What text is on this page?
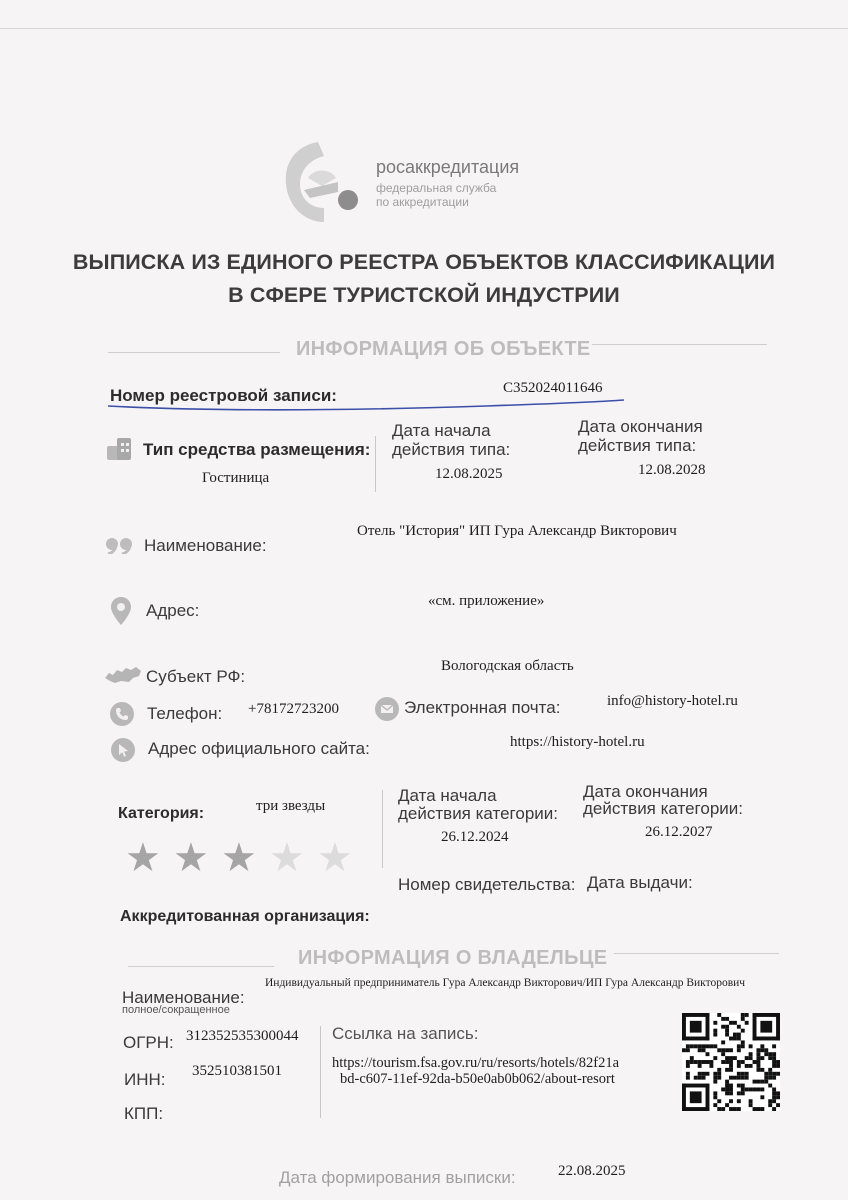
росаккредитация
федеральная служба
по аккредитации
ВЫПИСКА ИЗ ЕДИНОГО РЕЕСТРА ОБЪЕКТОВ КЛАССИФИКАЦИИ
В СФЕРЕ ТУРИСТСКОЙ ИНДУСТРИИ
ИНФОРМАЦИЯ ОБ ОБЪЕКТЕ
Номер реестровой записи:	С352024011646
Тип средства размещения:
Гостиница
Дата начала
действия типа:
12.08.2025
Дата окончания
действия типа:
12.08.2028
Наименование:
Отель "История" ИП Гура Александр Викторович
Адрес:	«см. приложение»
Субъект РФ:
Вологодская область
Телефон: +78172723200	Электронная почта:	info@history-hotel.ru
Адрес официального сайта:	https://history-hotel.ru
Категория:	три звезды
★ ★ ★ ★ ★
Дата начала
действия категории:
26.12.2024
Дата окончания
действия категории:
26.12.2027
Номер свидетельства: Дата выдачи:
Аккредитованная организация:
ИНФОРМАЦИЯ О ВЛАДЕЛЬЦЕ
Наименование:
полное/сокращенное
Индивидуальный предприниматель Гура Александр Викторович/ИП Гура Александр Викторович
ОГРН: 312352535300044
ИНН: 352510381501
КПП:
Ссылка на запись:
https://tourism.fsa.gov.ru/ru/resorts/hotels/82f21a
bd-c607-11ef-92da-b50e0ab0b062/about-resort
Дата формирования выписки:	22.08.2025
